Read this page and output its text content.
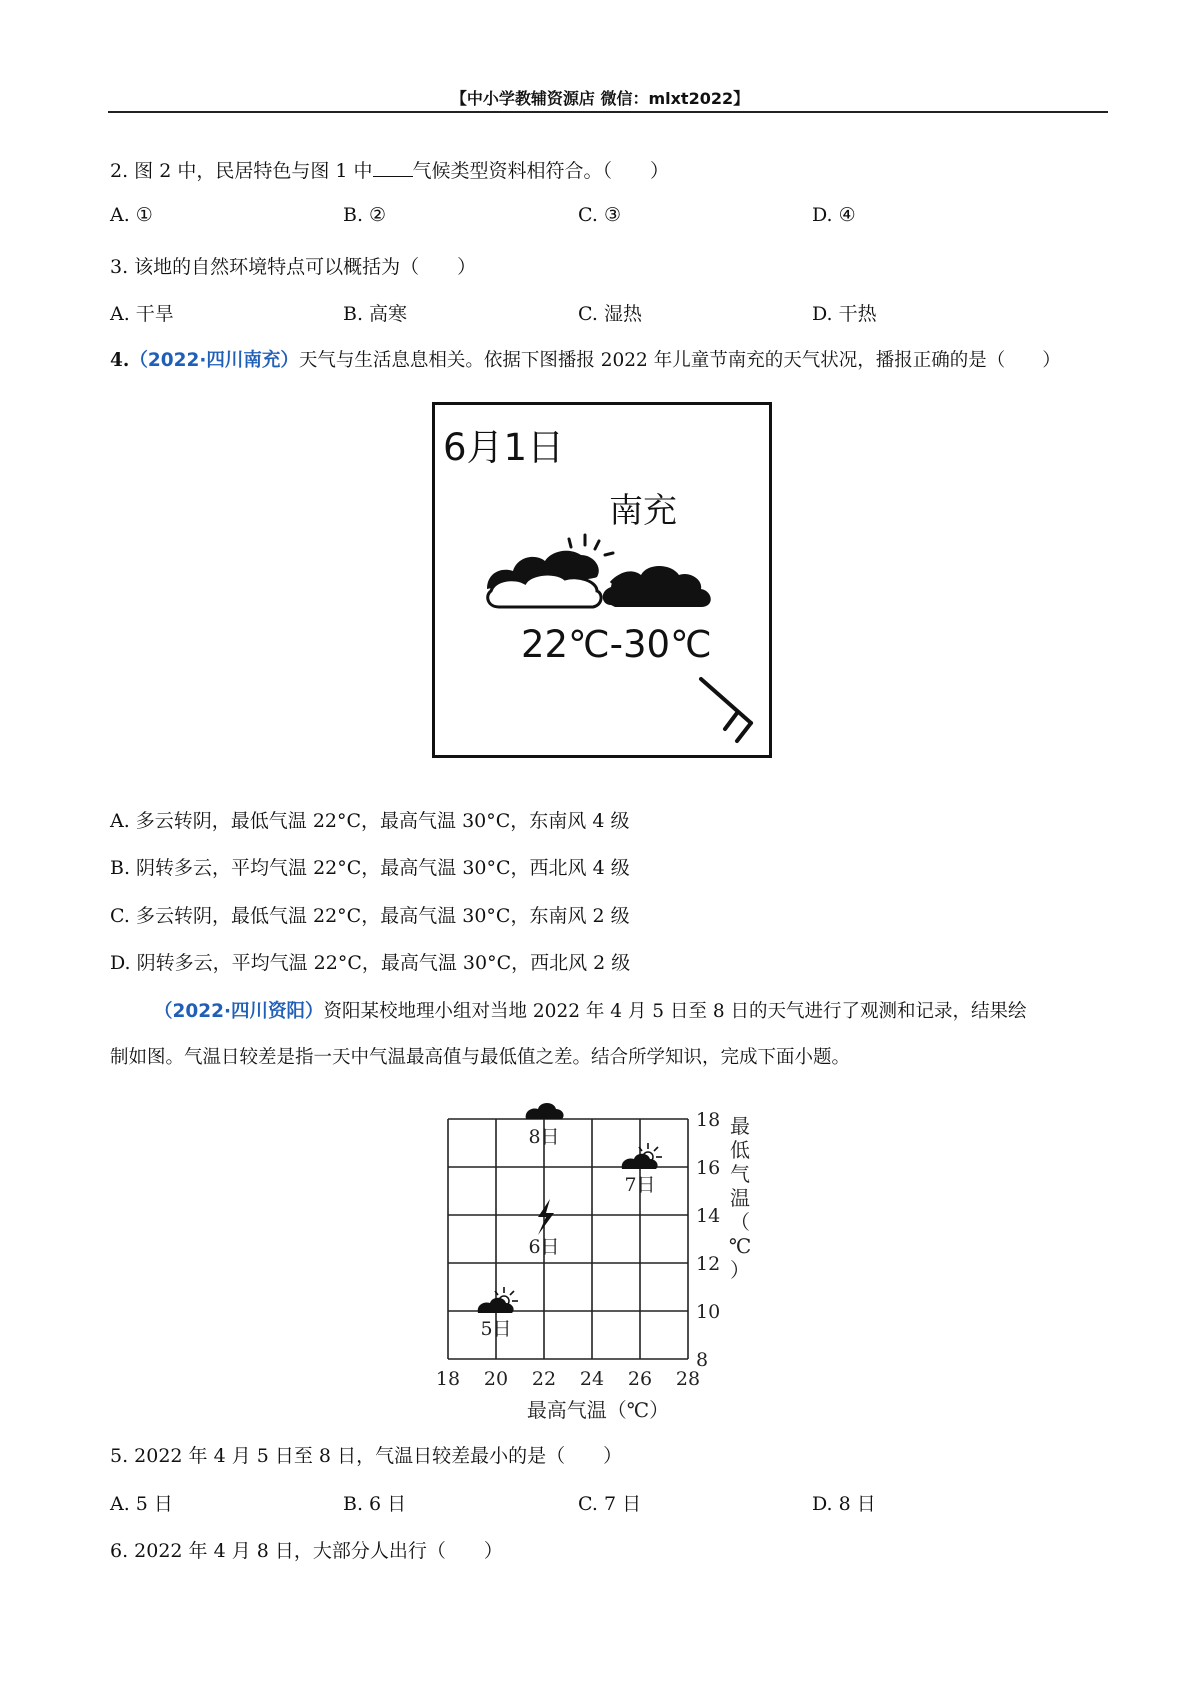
【中小学教辅资源店 微信：mlxt2022】
2. 图 2 中，民居特色与图 1 中 气候类型资料相符合。（　　）
A. ①	B. ②	C. ③	D. ④
3. 该地的自然环境特点可以概括为（　　）
A. 干旱	B. 高寒	C. 湿热	D. 干热
4.（2022·四川南充）天气与生活息息相关。依据下图播报 2022 年儿童节南充的天气状况，播报正确的是（　　）
6月1日
南充
22℃-30℃
A. 多云转阴，最低气温 22°C，最高气温 30°C，东南风 4 级
B. 阴转多云，平均气温 22°C，最高气温 30°C，西北风 4 级
C. 多云转阴，最低气温 22°C，最高气温 30°C，东南风 2 级
D. 阴转多云，平均气温 22°C，最高气温 30°C，西北风 2 级
（2022·四川资阳）资阳某校地理小组对当地 2022 年 4 月 5 日至 8 日的天气进行了观测和记录，结果绘
制如图。气温日较差是指一天中气温最高值与最低值之差。结合所学知识，完成下面小题。
18 20 22 24 26 28
8
10
12
14
16
18
最高气温（℃）
最
低
气
温
（
℃
）
5日
6日
7日
8日
5. 2022 年 4 月 5 日至 8 日，气温日较差最小的是（　　）
A. 5 日	B. 6 日	C. 7 日	D. 8 日
6. 2022 年 4 月 8 日，大部分人出行（　　）
